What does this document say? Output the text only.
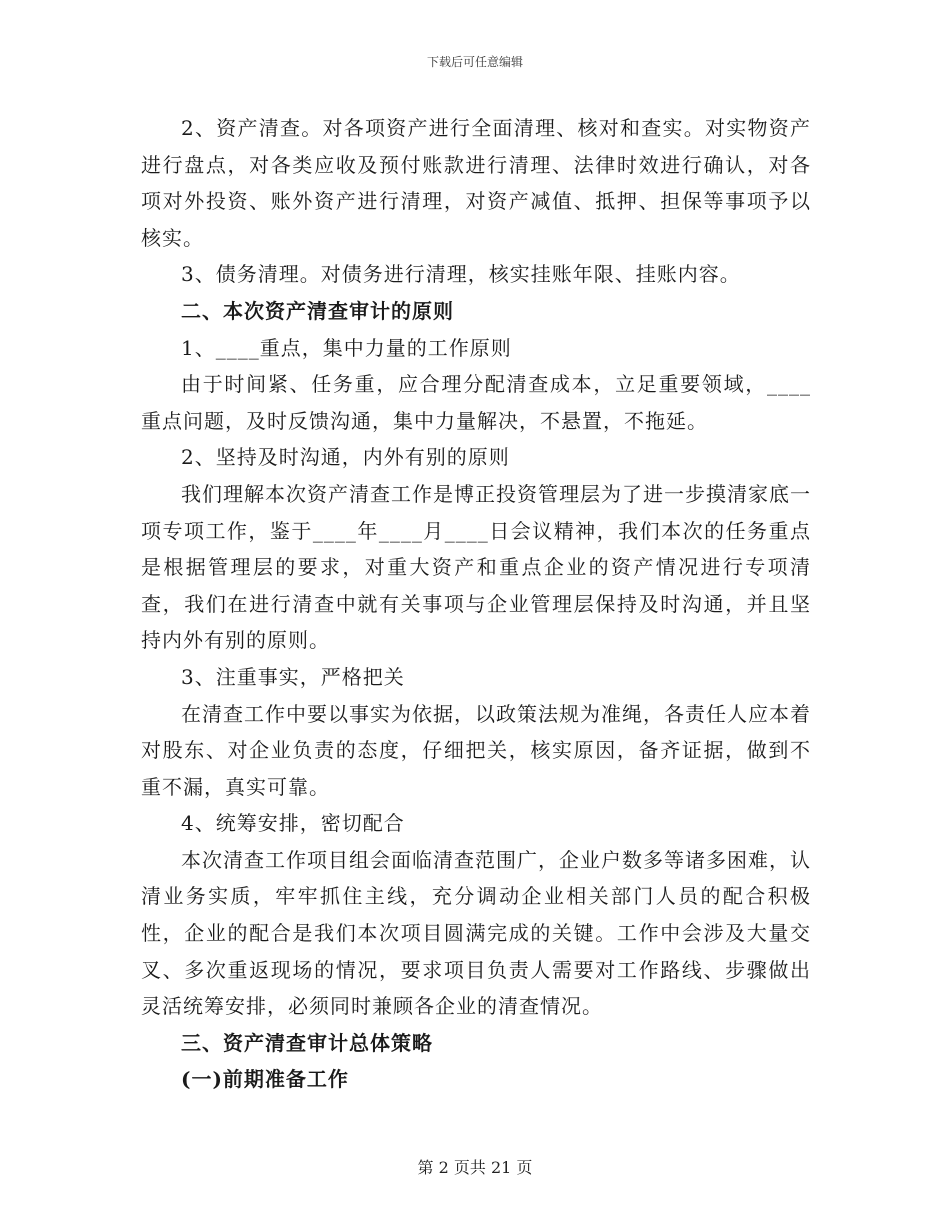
下载后可任意编辑

2、资产清查。对各项资产进行全面清理、核对和查实。对实物资产进行盘点，对各类应收及预付账款进行清理、法律时效进行确认，对各项对外投资、账外资产进行清理，对资产减值、抵押、担保等事项予以核实。

3、债务清理。对债务进行清理，核实挂账年限、挂账内容。

二、本次资产清查审计的原则

1、____重点，集中力量的工作原则

由于时间紧、任务重，应合理分配清查成本，立足重要领域，____重点问题，及时反馈沟通，集中力量解决，不悬置，不拖延。

2、坚持及时沟通，内外有别的原则

我们理解本次资产清查工作是博正投资管理层为了进一步摸清家底一项专项工作，鉴于____年____月____日会议精神，我们本次的任务重点是根据管理层的要求，对重大资产和重点企业的资产情况进行专项清查，我们在进行清查中就有关事项与企业管理层保持及时沟通，并且坚持内外有别的原则。

3、注重事实，严格把关

在清查工作中要以事实为依据，以政策法规为准绳，各责任人应本着对股东、对企业负责的态度，仔细把关，核实原因，备齐证据，做到不重不漏，真实可靠。

4、统筹安排，密切配合

本次清查工作项目组会面临清查范围广，企业户数多等诸多困难，认清业务实质，牢牢抓住主线，充分调动企业相关部门人员的配合积极性，企业的配合是我们本次项目圆满完成的关键。工作中会涉及大量交叉、多次重返现场的情况，要求项目负责人需要对工作路线、步骤做出灵活统筹安排，必须同时兼顾各企业的清查情况。

三、资产清查审计总体策略

(一)前期准备工作

第 2 页共 21 页
